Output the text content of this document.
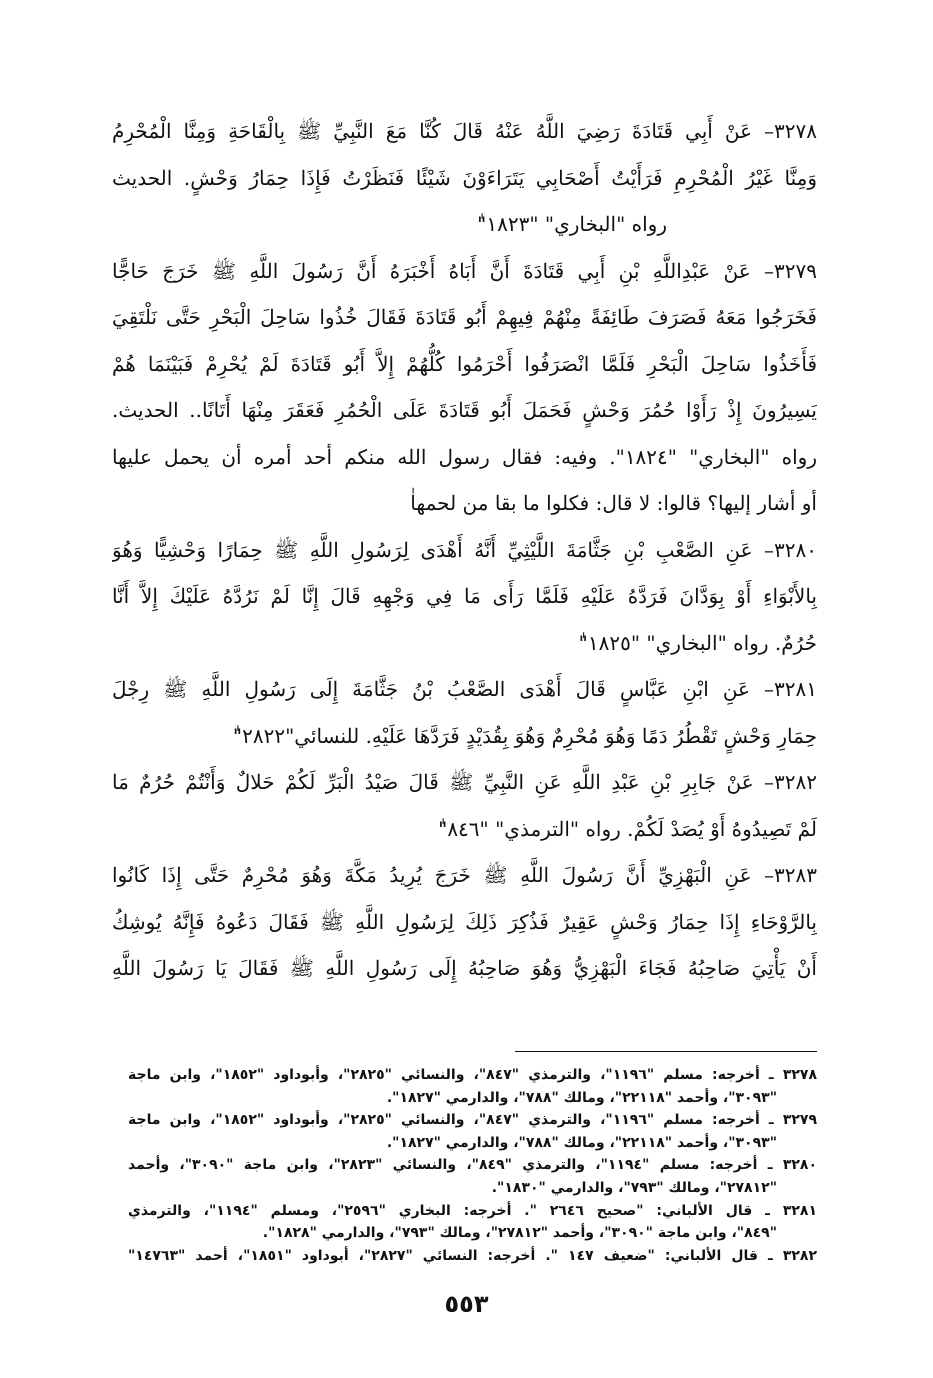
٣٢٧٨– عَنْ أَبِي قَتَادَةَ رَضِيَ اللَّهُ عَنْهُ قَالَ كُنَّا مَعَ النَّبِيِّ ﷺ بِالْقَاحَةِ وَمِنَّا الْمُحْرِمُ
وَمِنَّا غَيْرُ الْمُحْرِمِ فَرَأَيْتُ أَصْحَابِي يَتَرَاءَوْنَ شَيْئًا فَنَظَرْتُ فَإِذَا حِمَارُ وَحْشٍ. الحديث
رواه "البخاري" "١٨٢٣"ٰ
٣٢٧٩– عَنْ عَبْدِاللَّهِ بْنِ أَبِي قَتَادَةَ أَنَّ أَبَاهُ أَخْبَرَهُ أَنَّ رَسُولَ اللَّهِ ﷺ خَرَجَ حَاجًّا
فَخَرَجُوا مَعَهُ فَصَرَفَ طَائِفَةً مِنْهُمْ فِيهِمْ أَبُو قَتَادَةَ فَقَالَ خُذُوا سَاحِلَ الْبَحْرِ حَتَّى نَلْتَقِيَ
فَأَخَذُوا سَاحِلَ الْبَحْرِ فَلَمَّا انْصَرَفُوا أَحْرَمُوا كُلُّهُمْ إِلاَّ أَبُو قَتَادَةَ لَمْ يُحْرِمْ فَبَيْنَمَا هُمْ
يَسِيرُونَ إِذْ رَأَوْا حُمُرَ وَحْشٍ فَحَمَلَ أَبُو قَتَادَةَ عَلَى الْحُمُرِ فَعَقَرَ مِنْهَا أَتَانًا.. الحديث.
رواه "البخاري" "١٨٢٤". وفيه: فقال رسول الله منكم أحد أمره أن يحمل عليها
أو أشار إليها؟ قالوا: لا قال: فكلوا ما بقا من لحمهاٰ
٣٢٨٠– عَنِ الصَّعْبِ بْنِ جَثَّامَةَ اللَّيْثِيِّ أَنَّهُ أَهْدَى لِرَسُولِ اللَّهِ ﷺ حِمَارًا وَحْشِيًّا وَهُوَ
بِالأَبْوَاءِ أَوْ بِوَدَّانَ فَرَدَّهُ عَلَيْهِ فَلَمَّا رَأَى مَا فِي وَجْهِهِ قَالَ إِنَّا لَمْ نَرُدَّهُ عَلَيْكَ إِلاَّ أَنَّا
حُرُمٌ. رواه "البخاري" "١٨٢٥"ٰ
٣٢٨١– عَنِ ابْنِ عَبَّاسٍ قَالَ أَهْدَى الصَّعْبُ بْنُ جَثَّامَةَ إِلَى رَسُولِ اللَّهِ ﷺ رِجْلَ
حِمَارِ وَحْشٍ تَقْطُرُ دَمًا وَهُوَ مُحْرِمٌ وَهُوَ بِقُدَيْدٍ فَرَدَّهَا عَلَيْهِ. للنسائي"٢٨٢٢"ٰ
٣٢٨٢– عَنْ جَابِرِ بْنِ عَبْدِ اللَّهِ عَنِ النَّبِيِّ ﷺ قَالَ صَيْدُ الْبَرِّ لَكُمْ حَلالٌ وَأَنْتُمْ حُرُمٌ مَا
لَمْ تَصِيدُوهُ أَوْ يُصَدْ لَكُمْ. رواه "الترمذي" "٨٤٦"ٰ
٣٢٨٣– عَنِ الْبَهْزِيِّ أَنَّ رَسُولَ اللَّهِ ﷺ خَرَجَ يُرِيدُ مَكَّةَ وَهُوَ مُحْرِمٌ حَتَّى إِذَا كَانُوا
بِالرَّوْحَاءِ إِذَا حِمَارُ وَحْشٍ عَقِيرٌ فَذُكِرَ ذَلِكَ لِرَسُولِ اللَّهِ ﷺ فَقَالَ دَعُوهُ فَإِنَّهُ يُوشِكُ
أَنْ يَأْتِيَ صَاحِبُهُ فَجَاءَ الْبَهْزِيُّ وَهُوَ صَاحِبُهُ إِلَى رَسُولِ اللَّهِ ﷺ فَقَالَ يَا رَسُولَ اللَّهِ
٣٢٧٨ ـ أخرجه: مسلم "١١٩٦"، والترمذي "٨٤٧"، والنسائي "٢٨٢٥"، وأبوداود "١٨٥٢"، وابن ماجة
"٣٠٩٣"، وأحمد "٢٢١١٨"، ومالك "٧٨٨"، والدارمي "١٨٢٧".
٣٢٧٩ ـ أخرجه: مسلم "١١٩٦"، والترمذي "٨٤٧"، والنسائي "٢٨٢٥"، وأبوداود "١٨٥٢"، وابن ماجة
"٣٠٩٣"، وأحمد "٢٢١١٨"، ومالك "٧٨٨"، والدارمي "١٨٢٧".
٣٢٨٠ ـ أخرجه: مسلم "١١٩٤"، والترمذي "٨٤٩"، والنسائي "٢٨٢٣"، وابن ماجة "٣٠٩٠"، وأحمد
"٢٧٨١٢"، ومالك "٧٩٣"، والدارمي "١٨٣٠".
٣٢٨١ ـ قال الألباني: "صحيح ٢٦٤٦ ". أخرجه: البخاري "٢٥٩٦"، ومسلم "١١٩٤"، والترمذي
"٨٤٩"، وابن ماجة "٣٠٩٠"، وأحمد "٢٧٨١٢"، ومالك "٧٩٣"، والدارمي "١٨٢٨".
٣٢٨٢ ـ قال الألباني: "ضعيف ١٤٧ ". أخرجه: النسائي "٢٨٢٧"، أبوداود "١٨٥١"، أحمد "١٤٧٦٣"
٥٥٣
